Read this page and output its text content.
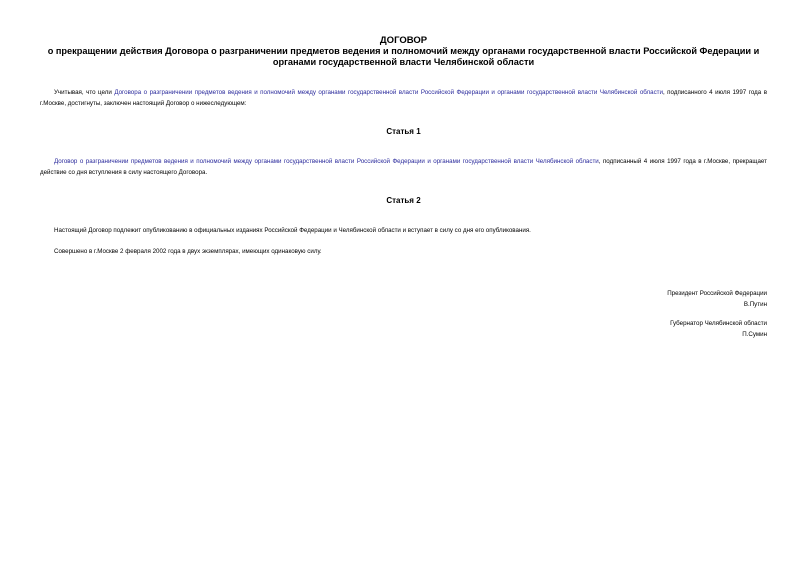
ДОГОВОР
о прекращении действия Договора о разграничении предметов ведения и полномочий между органами государственной власти Российской Федерации и органами государственной власти Челябинской области
Учитывая, что цели Договора о разграничении предметов ведения и полномочий между органами государственной власти Российской Федерации и органами государственной власти Челябинской области, подписанного 4 июля 1997 года в г.Москве, достигнуты, заключен настоящий Договор о нижеследующем:
Статья 1
Договор о разграничении предметов ведения и полномочий между органами государственной власти Российской Федерации и органами государственной власти Челябинской области, подписанный 4 июля 1997 года в г.Москве, прекращает действие со дня вступления в силу настоящего Договора.
Статья 2
Настоящий Договор подлежит опубликованию в официальных изданиях Российской Федерации и Челябинской области и вступает в силу со дня его опубликования.
Совершено в г.Москве 2 февраля 2002 года в двух экземплярах, имеющих одинаковую силу.
Президент Российской Федерации
В.Путин
Губернатор Челябинской области
П.Сумин
